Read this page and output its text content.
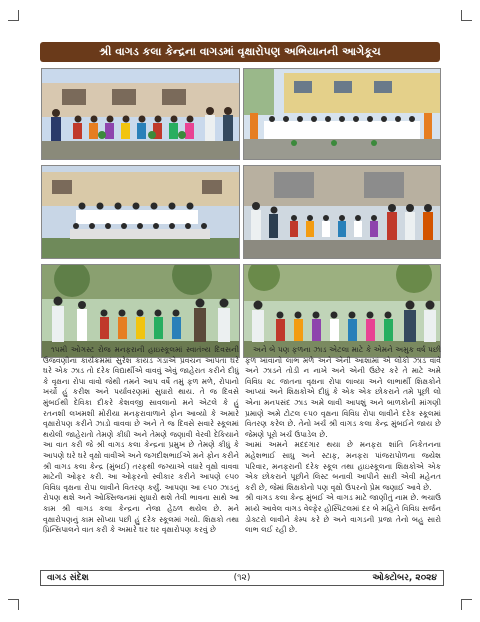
શ્રી વાગડ કલા કેન્દ્રના વાગડમાં વૃક્ષારોપણ અભિયાનની આગેકૂચ

૧૫મી ઓગસ્ટ રોજ મનફરાની હાઇસ્કૂલમાં સ્વાતંત્ર્ય દિવસની ઉજવણીના કાર્યક્રમમાં સુરેશ કાયડ ગડાએ પ્રવચન આપતા ઘરે ઘરે એક ઝાડ તો દરેક વિદ્યાર્થીએ વાવવું એવું જાહેરાત કરીને દીધું કે વૃક્ષના રોપા વાવો જેથી તમને આપ વર્ષે તમું ફળ મળે, રોપાનો ખર્ચો હું કરીશ અને પર્યાવરણમાં સુધારો થાય. તે જ દિવસે મુંબઈથી દેવિકા દીકરે કેશવજી સાવલાનો મને એટલે કે હું રતનશી લખમશી મોરીયા મનફરાવાળાને ફોન આવ્યો કે અમારે વૃક્ષારોપણ કરીને ઝાડો વાવવા છે અને તે જ દિવસે સવારે સ્કૂલમાં થયેલી જાહેરાતો તેમણે કીધી અને તેમણે જણાવી વેરવી દેકિયાને આ વાત કરી જે શ્રી વાગડ કલા કેન્દ્રના પ્રમુખ છે તેમણે કીધું કે આપણે ઘરે ઘરે વૃક્ષો વાવીએ અને જગદીશભાઈએ મને ફોન કરીને શ્રી વાગડ કલા કેન્દ્ર (મુંબઈ) તરફથી જગ્યાએ વધારે વૃક્ષો વાવવા માટેની ઓફર કરી. આ ઓફરનો સ્વીકાર કરીને આપણે ૯૫૦ વિવિધ વૃક્ષના રોપા લાવીને વિતરણ કર્યું. આપણા આ ૯૫૦ ઝાડનું રોપણ થશે અને ઓક્સિજનમાં સુધારો થશે તેવી ભાવના સાથે આ કામ શ્રી વાગડ કલા કેન્દ્રના નેજા હેઠળ થયેલ છે. મને વૃક્ષારોપણનું કામ સોંપ્યા પછી હું દરેક સ્કૂલમાં ગયો. શિક્ષકો તથા પ્રિન્સિપાલને વાત કરી કે અમારે ઘર ઘર વૃક્ષારોપણ કરવું છે

અને બે પણ ફળના ઝાડ એટલા માટે કે એમને અમુક વર્ષ પછી ફળ ખાવાનો લાભ મળે અને એની આશામાં એ લોકો ઝાડ વાવે અને ઝાડને તોડી ન નાખે અને એની ઉછેર કરે તે માટે અમે વિવિધ ૨૮ જાતના વૃક્ષના રોપા લાવ્યા અને લાભાર્થી શિક્ષકોને આપ્યાં અને શિક્ષકોએ દીધું કે એક એક છોકરાને તમે પૂછી લો એના મનપસંદ ઝાડ અમે લાવી આપશું અને બાળકોની માંગણી પ્રમાણે અમે ટોટલ ૯૫૦ વૃક્ષના વિવિધ રોપા લાવીને દરેક સ્કૂલમાં વિતરણ કરેલ છે. તેનો ખર્ચ શ્રી વાગડ કલા કેન્દ્ર મુંબઈને જાય છે જેમણે પૂરો ખર્ચ ઉપાડેલ છે.
આમાં અમને મદદગાર થયા છે મનફરા શાંતિ નિકેતનના મહેશભાઈ સાધુ અને સ્ટાફ, મનફરા પાંજરાપોળના જયેશ પરિવાર, મનફરાની દરેક સ્કૂલ તથા હાઇસ્કૂલના શિક્ષકોએ એક એક છોકરાને પૂછીને લિસ્ટ બનાવી આપીને સારી એવી મહેનત કરી છે, જેમાં શિક્ષકોનો પણ વૃક્ષો ઉપરનો પ્રેમ જણાઈ આવે છે.
શ્રી વાગડ કલા કેન્દ્ર મુંબઈ એ વાગડ માટે જાણીતું નામ છે. ભચાઉ મધ્યે આવેલ વાગડ વેલ્ફેર હોસ્પિટલમાં દર બે મહિને વિવિધ સર્જન ડોક્ટરો લાવીને કેમ્પ કરે છે અને વાગડની પ્રજા તેનો બહુ સારો લાભ લઈ રહી છે.

વાગડ સંદેશ	(૧૨)	ઓક્ટોબર, ૨૦૨૪
